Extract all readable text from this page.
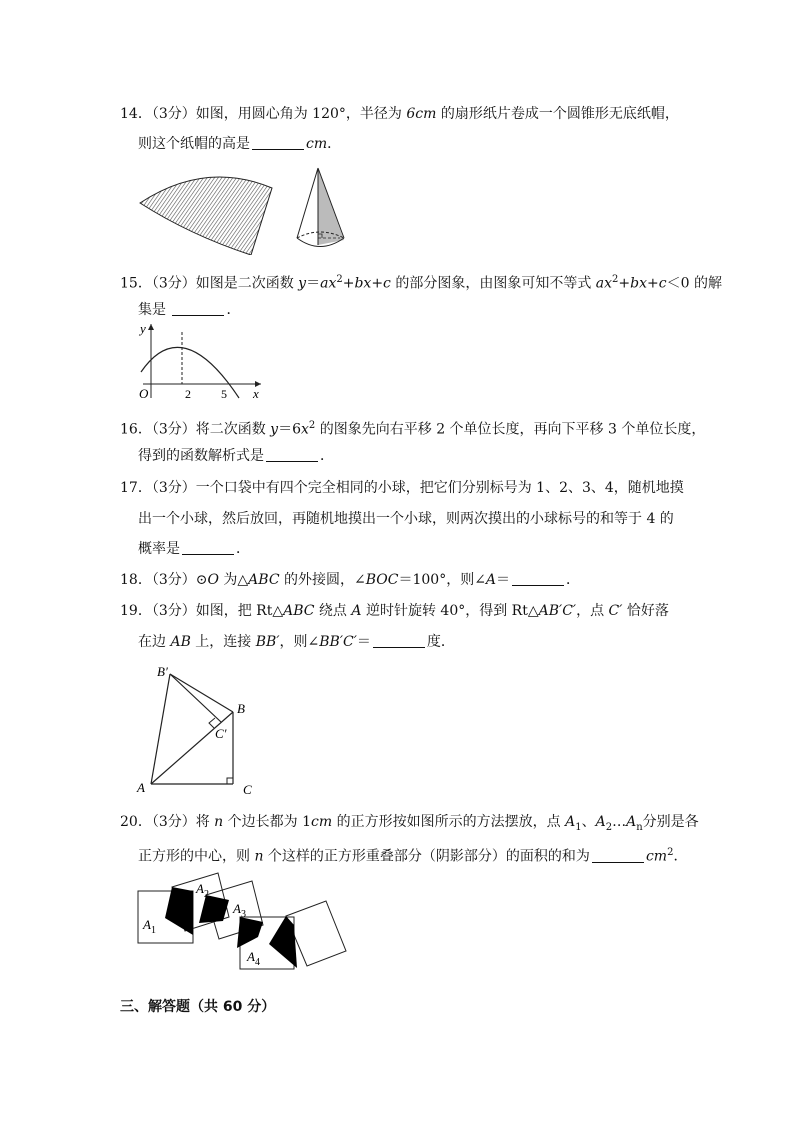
14．（3分）如图，用圆心角为 120°，半径为 6cm 的扇形纸片卷成一个圆锥形无底纸帽，
则这个纸帽的高是	cm．
15．（3分）如图是二次函数 $y=ax^2+bx+c$ 的部分图象，由图象可知不等式 $ax^2+bx+c<0$ 的解
集是	．
y
x
O	2	5
16．（3分）将二次函数 $y=6x^2$ 的图象先向右平移 2 个单位长度，再向下平移 3 个单位长度，
得到的函数解析式是	．
17．（3分）一个口袋中有四个完全相同的小球，把它们分别标号为 1、2、3、4，随机地摸
出一个小球，然后放回，再随机地摸出一个小球，则两次摸出的小球标号的和等于 4 的
概率是	．
18．（3分）⊙O 为△ABC 的外接圆，∠BOC＝100°，则∠A＝	．
19．（3分）如图，把 Rt△ABC 绕点 A 逆时针旋转 40°，得到 Rt△AB′C′，点 C′ 恰好落
在边 AB 上，连接 BB′，则∠BB′C′＝	度．
B′
B
C′
A	C
20．（3分）将 n 个边长都为 1cm 的正方形按如图所示的方法摆放，点 $A_1$、$A_2\dots A_n$分别是各
正方形的中心，则 n 个这样的正方形重叠部分（阴影部分）的面积的和为	$cm^2$．
$A_1$
$A_2$
$A_3$
$A_4$
三、解答题（共 60 分）
